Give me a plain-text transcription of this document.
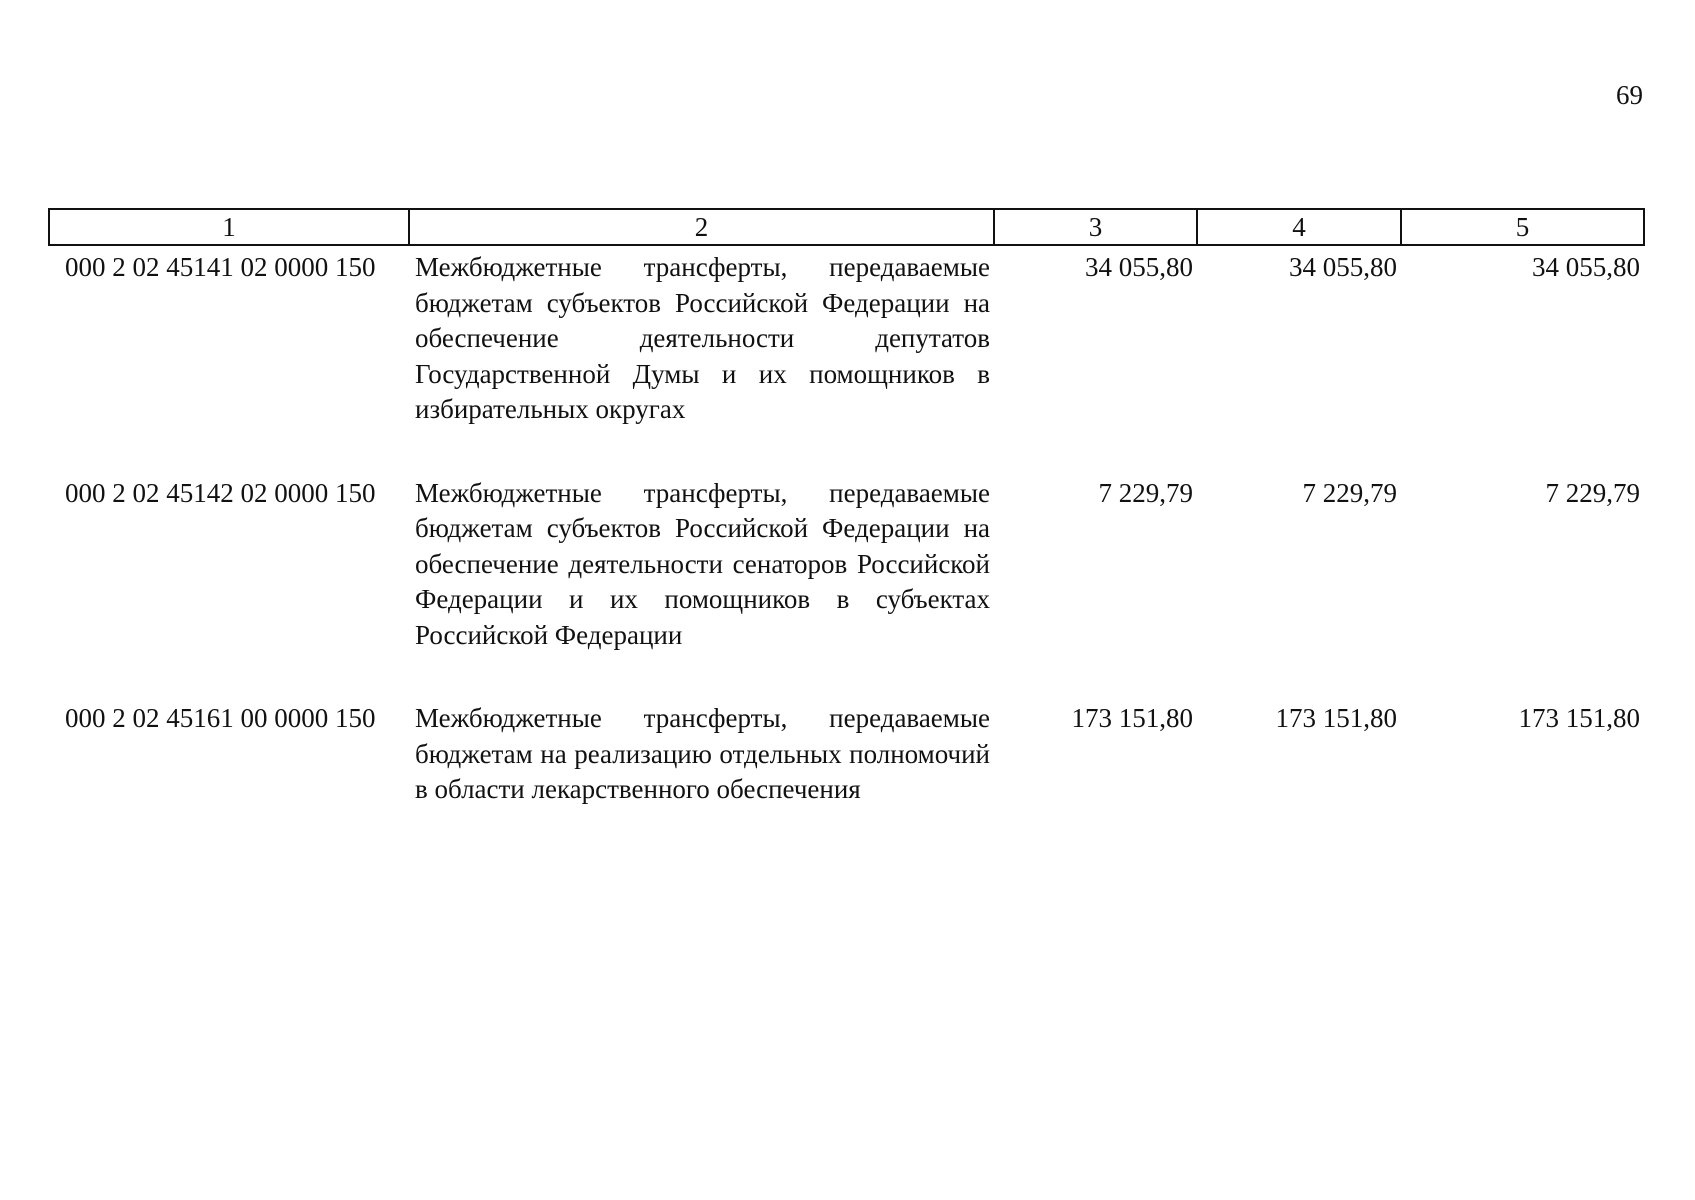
69
1	2	3	4	5
000 2 02 45141 02 0000 150	Межбюджетные трансферты, передаваемые бюджетам субъектов Российской Федерации на обеспечение деятельности депутатов Государственной Думы и их помощников в избирательных округах	34 055,80	34 055,80	34 055,80
000 2 02 45142 02 0000 150	Межбюджетные трансферты, передаваемые бюджетам субъектов Российской Федерации на обеспечение деятельности сенаторов Российской Федерации и их помощников в субъектах Российской Федерации	7 229,79	7 229,79	7 229,79
000 2 02 45161 00 0000 150	Межбюджетные трансферты, передаваемые бюджетам на реализацию отдельных полномочий в области лекарственного обеспечения	173 151,80	173 151,80	173 151,80
